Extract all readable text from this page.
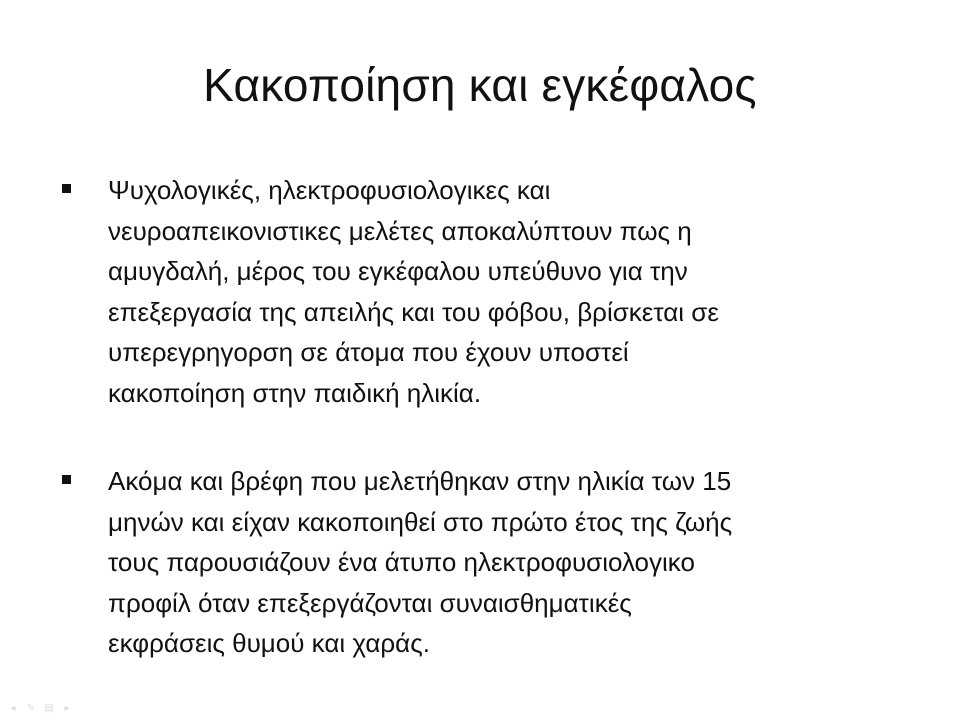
Κακοποίηση και εγκέφαλος
Ψυχολογικές, ηλεκτροφυσιολογικες και
νευροαπεικονιστικες μελέτες αποκαλύπτουν πως η
αμυγδαλή, μέρος του εγκέφαλου υπεύθυνο για την
επεξεργασία της απειλής και του φόβου, βρίσκεται σε
υπερεγρηγορση σε άτομα που έχουν υποστεί
κακοποίηση στην παιδική ηλικία.
Ακόμα και βρέφη που μελετήθηκαν στην ηλικία των 15
μηνών και είχαν κακοποιηθεί στο πρώτο έτος της ζωής
τους παρουσιάζουν ένα άτυπο ηλεκτροφυσιολογικο
προφίλ όταν επεξεργάζονται συναισθηματικές
εκφράσεις θυμού και χαράς.
◂	✎ ▤	▸
